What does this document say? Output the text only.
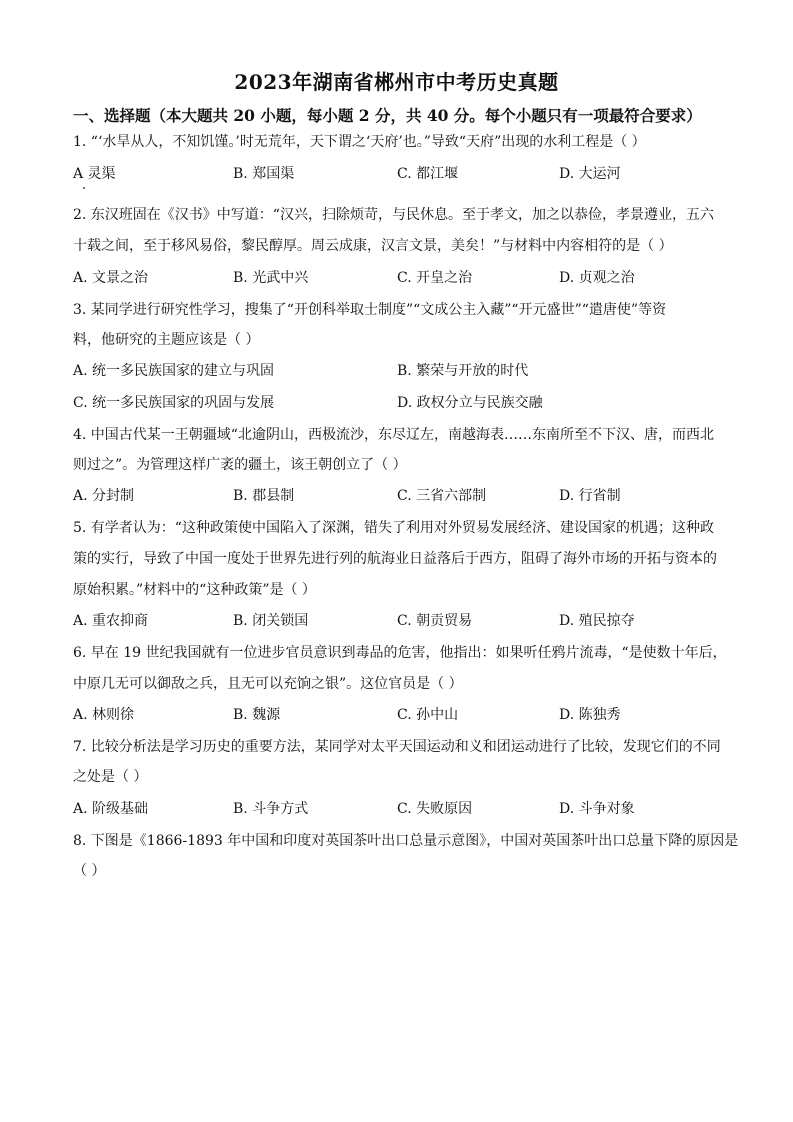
2023年湖南省郴州市中考历史真题
一、选择题（本大题共 20 小题，每小题 2 分，共 40 分。每个小题只有一项最符合要求）
1. “‘水旱从人，不知饥馑。’时无荒年，天下谓之‘天府’也。”导致“天府”出现的水利工程是（ ）
A 灵渠	B. 郑国渠	C. 都江堰	D. 大运河
2. 东汉班固在《汉书》中写道：“汉兴，扫除烦苛，与民休息。至于孝文，加之以恭俭，孝景遵业，五六
十载之间，至于移风易俗，黎民醇厚。周云成康，汉言文景，美矣！”与材料中内容相符的是（ ）
A. 文景之治	B. 光武中兴	C. 开皇之治	D. 贞观之治
3. 某同学进行研究性学习，搜集了“开创科举取士制度”“文成公主入藏”“开元盛世”“遣唐使”等资
料，他研究的主题应该是（ ）
A. 统一多民族国家的建立与巩固	B. 繁荣与开放的时代
C. 统一多民族国家的巩固与发展	D. 政权分立与民族交融
4. 中国古代某一王朝疆域“北逾阴山，西极流沙，东尽辽左，南越海表……东南所至不下汉、唐，而西北
则过之”。为管理这样广袤的疆土，该王朝创立了（ ）
A. 分封制	B. 郡县制	C. 三省六部制	D. 行省制
5. 有学者认为：“这种政策使中国陷入了深渊，错失了利用对外贸易发展经济、建设国家的机遇；这种政
策的实行，导致了中国一度处于世界先进行列的航海业日益落后于西方，阻碍了海外市场的开拓与资本的
原始积累。”材料中的“这种政策”是（ ）
A. 重农抑商	B. 闭关锁国	C. 朝贡贸易	D. 殖民掠夺
6. 早在 19 世纪我国就有一位进步官员意识到毒品的危害，他指出：如果听任鸦片流毒，“是使数十年后，
中原几无可以御敌之兵，且无可以充饷之银”。这位官员是（ ）
A. 林则徐	B. 魏源	C. 孙中山	D. 陈独秀
7. 比较分析法是学习历史的重要方法，某同学对太平天国运动和义和团运动进行了比较，发现它们的不同
之处是（ ）
A. 阶级基础	B. 斗争方式	C. 失败原因	D. 斗争对象
8. 下图是《1866-1893 年中国和印度对英国茶叶出口总量示意图》，中国对英国茶叶出口总量下降的原因是
（ ）
